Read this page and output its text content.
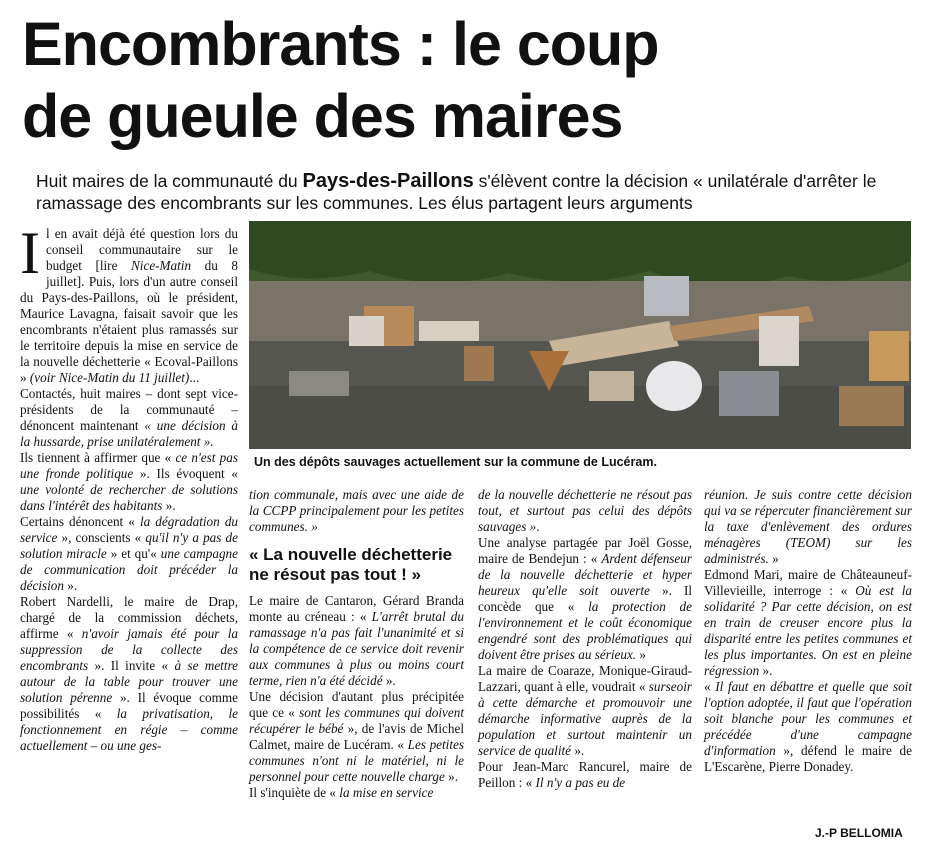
Encombrants : le coup
de gueule des maires
Huit maires de la communauté du Pays-des-Paillons s'élèvent contre la décision « unilatérale d'arrêter le ramassage des encombrants sur les communes. Les élus partagent leurs arguments
Un des dépôts sauvages actuellement sur la commune de Lucéram.

Il en avait déjà été question lors du conseil communautaire sur le budget [lire Nice-Matin du 8 juillet]. Puis, lors d'un autre conseil du Pays-des-Paillons, où le président, Maurice Lavagna, faisait savoir que les encombrants n'étaient plus ramassés sur le territoire depuis la mise en service de la nouvelle déchetterie « Ecoval-Paillons » (voir Nice-Matin du 11 juillet)...

Contactés, huit maires – dont sept vice-présidents de la communauté – dénoncent maintenant « une décision à la hussarde, prise unilatéralement ».

Ils tiennent à affirmer que « ce n'est pas une fronde politique ». Ils évoquent « une volonté de rechercher de solutions dans l'intérêt des habitants ».

Certains dénoncent « la dégradation du service », conscients « qu'il n'y a pas de solution miracle » et qu'« une campagne de communication doit précéder la décision ».

Robert Nardelli, le maire de Drap, chargé de la commission déchets, affirme « n'avoir jamais été pour la suppression de la collecte des encombrants ». Il invite « à se mettre autour de la table pour trouver une solution pérenne ». Il évoque comme possibilités « la privatisation, le fonctionnement en régie – comme actuellement – ou une ges-

tion communale, mais avec une aide de la CCPP principalement pour les petites communes. »

« La nouvelle déchetterie ne résout pas tout ! »

Le maire de Cantaron, Gérard Branda monte au créneau : « L'arrêt brutal du ramassage n'a pas fait l'unanimité et si la compétence de ce service doit revenir aux communes à plus ou moins court terme, rien n'a été décidé ».

Une décision d'autant plus précipitée que ce « sont les communes qui doivent récupérer le bébé », de l'avis de Michel Calmet, maire de Lucéram. « Les petites communes n'ont ni le matériel, ni le personnel pour cette nouvelle charge ».

Il s'inquiète de « la mise en service

de la nouvelle déchetterie ne résout pas tout, et surtout pas celui des dépôts sauvages ».

Une analyse partagée par Joël Gosse, maire de Bendejun : « Ardent défenseur de la nouvelle déchetterie et hyper heureux qu'elle soit ouverte ». Il concède que « la protection de l'environnement et le coût économique engendré sont des problématiques qui doivent être prises au sérieux. »

La maire de Coaraze, Monique-Giraud-Lazzari, quant à elle, voudrait « surseoir à cette démarche et promouvoir une démarche informative auprès de la population et surtout maintenir un service de qualité ».

Pour Jean-Marc Rancurel, maire de Peillon : « Il n'y a pas eu de

réunion. Je suis contre cette décision qui va se répercuter financièrement sur la taxe d'enlèvement des ordures ménagères (TEOM) sur les administrés. »

Edmond Mari, maire de Châteauneuf-Villevieille, interroge : « Où est la solidarité ? Par cette décision, on est en train de creuser encore plus la disparité entre les petites communes et les plus importantes. On est en pleine régression ».

« Il faut en débattre et quelle que soit l'option adoptée, il faut que l'opération soit blanche pour les communes et précédée d'une campagne d'information », défend le maire de L'Escarène, Pierre Donadey.

J.-P BELLOMIA
